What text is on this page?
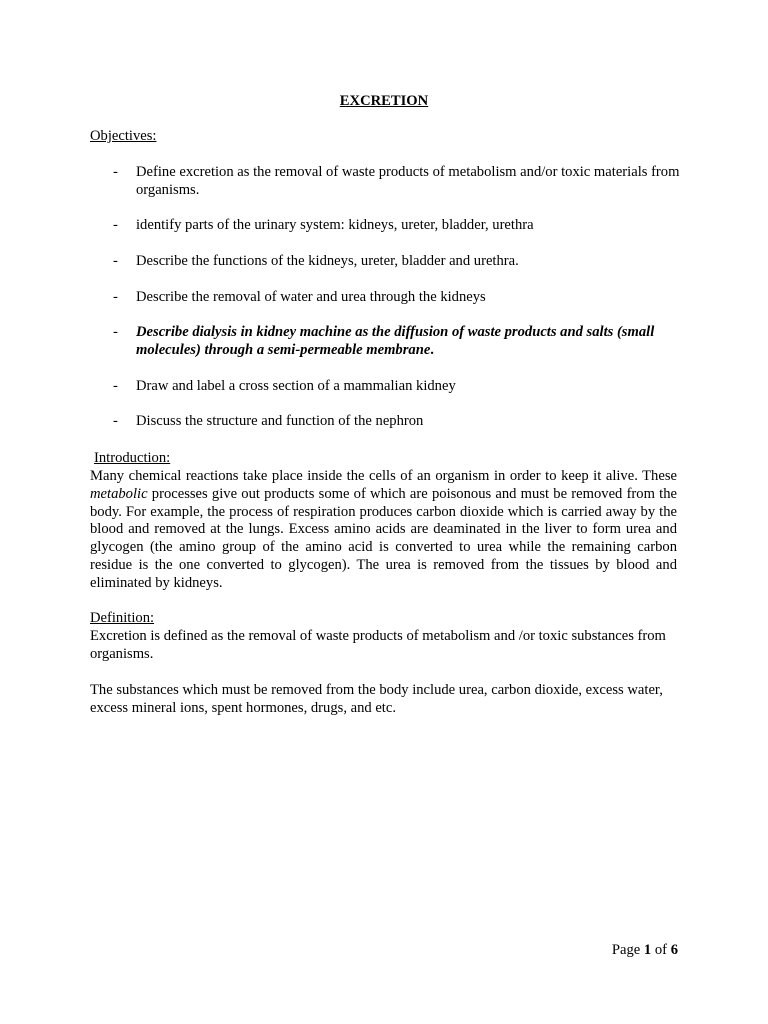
EXCRETION
Objectives:
- Define excretion as the removal of waste products of metabolism and/or toxic materials from organisms.
- identify parts of the urinary system: kidneys, ureter, bladder, urethra
- Describe the functions of the kidneys, ureter, bladder and urethra.
- Describe the removal of water and urea through the kidneys
- Describe dialysis in kidney machine as the diffusion of waste products and salts (small molecules) through a semi-permeable membrane.
- Draw and label a cross section of a mammalian kidney
- Discuss the structure and function of the nephron
Introduction:

Many chemical reactions take place inside the cells of an organism in order to keep it alive. These metabolic processes give out products some of which are poisonous and must be removed from the body. For example, the process of respiration produces carbon dioxide which is carried away by the blood and removed at the lungs. Excess amino acids are deaminated in the liver to form urea and glycogen (the amino group of the amino acid is converted to urea while the remaining carbon residue is the one converted to glycogen). The urea is removed from the tissues by blood and eliminated by kidneys.

Definition:

Excretion is defined as the removal of waste products of metabolism and /or toxic substances from organisms.

The substances which must be removed from the body include urea, carbon dioxide, excess water, excess mineral ions, spent hormones, drugs, and etc.

Page 1 of 6
